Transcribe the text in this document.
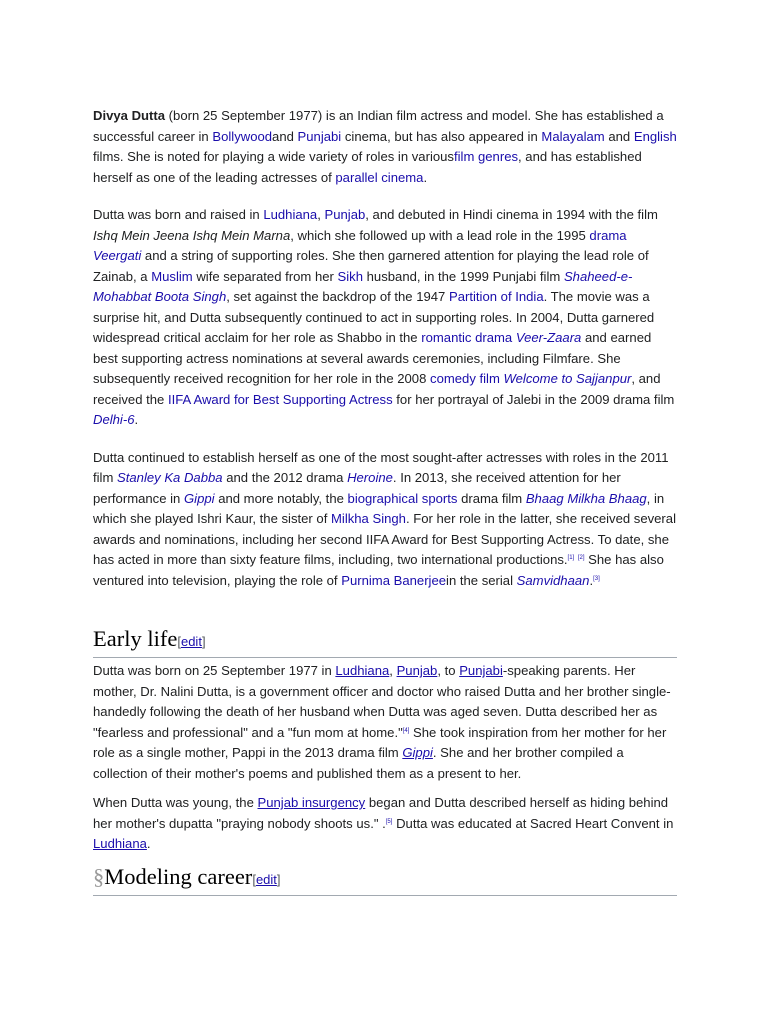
Divya Dutta (born 25 September 1977) is an Indian film actress and model. She has established a successful career in Bollywoodand Punjabi cinema, but has also appeared in Malayalam and English films. She is noted for playing a wide variety of roles in variousfilm genres, and has established herself as one of the leading actresses of parallel cinema.

Dutta was born and raised in Ludhiana, Punjab, and debuted in Hindi cinema in 1994 with the film Ishq Mein Jeena Ishq Mein Marna, which she followed up with a lead role in the 1995 drama Veergati and a string of supporting roles. She then garnered attention for playing the lead role of Zainab, a Muslim wife separated from her Sikh husband, in the 1999 Punjabi film Shaheed-e-Mohabbat Boota Singh, set against the backdrop of the 1947 Partition of India. The movie was a surprise hit, and Dutta subsequently continued to act in supporting roles. In 2004, Dutta garnered widespread critical acclaim for her role as Shabbo in the romantic drama Veer-Zaara and earned best supporting actress nominations at several awards ceremonies, including Filmfare. She subsequently received recognition for her role in the 2008 comedy film Welcome to Sajjanpur, and received the IIFA Award for Best Supporting Actress for her portrayal of Jalebi in the 2009 drama film Delhi-6.

Dutta continued to establish herself as one of the most sought-after actresses with roles in the 2011 film Stanley Ka Dabba and the 2012 drama Heroine. In 2013, she received attention for her performance in Gippi and more notably, the biographical sports drama film Bhaag Milkha Bhaag, in which she played Ishri Kaur, the sister of Milkha Singh. For her role in the latter, she received several awards and nominations, including her second IIFA Award for Best Supporting Actress. To date, she has acted in more than sixty feature films, including, two international productions.[1] [2] She has also ventured into television, playing the role of Purnima Banerjeein the serial Samvidhaan.[3]

Early life[edit]

Dutta was born on 25 September 1977 in Ludhiana, Punjab, to Punjabi-speaking parents. Her mother, Dr. Nalini Dutta, is a government officer and doctor who raised Dutta and her brother single-handedly following the death of her husband when Dutta was aged seven. Dutta described her as "fearless and professional" and a "fun mom at home."[4] She took inspiration from her mother for her role as a single mother, Pappi in the 2013 drama film Gippi. She and her brother compiled a collection of their mother's poems and published them as a present to her.

When Dutta was young, the Punjab insurgency began and Dutta described herself as hiding behind her mother's dupatta "praying nobody shoots us." .[5] Dutta was educated at Sacred Heart Convent in Ludhiana.

§Modeling career[edit]
